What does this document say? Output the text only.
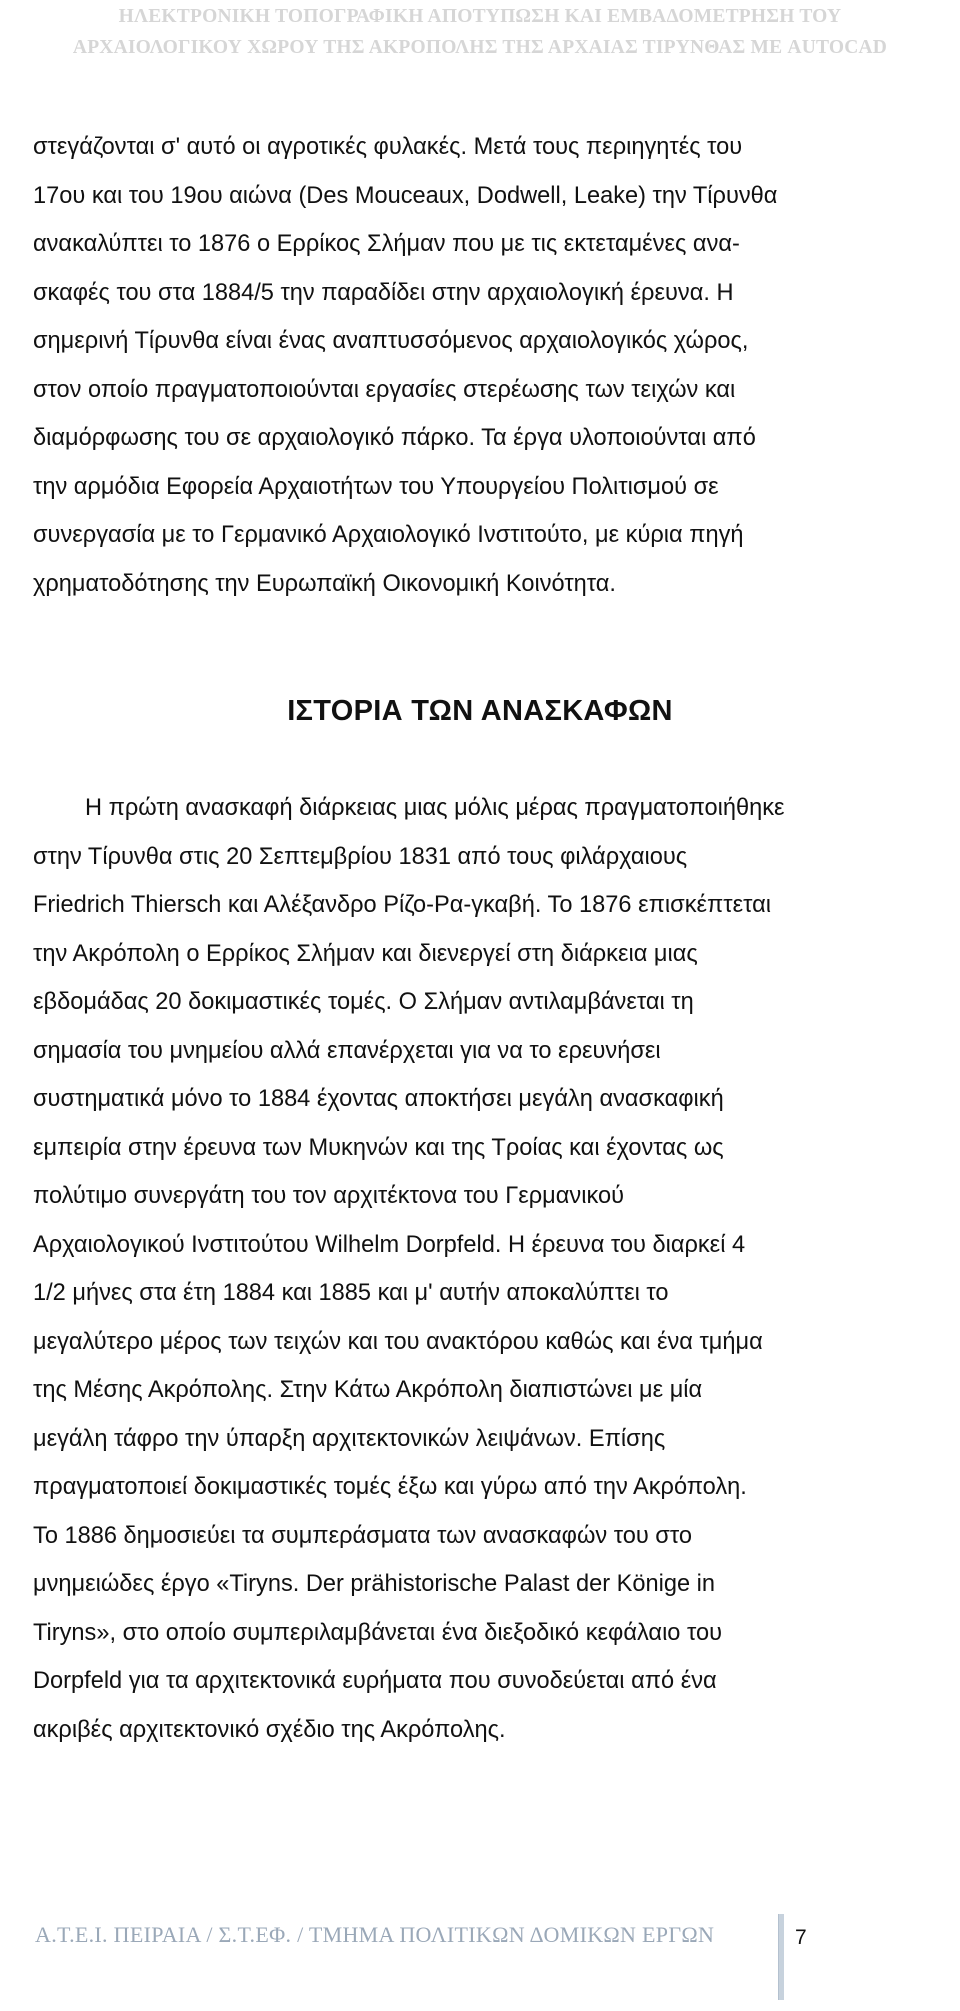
ΗΛΕΚΤΡΟΝΙΚΗ ΤΟΠΟΓΡΑΦΙΚΗ ΑΠΟΤΥΠΩΣΗ ΚΑΙ ΕΜΒΑΔΟΜΕΤΡΗΣΗ ΤΟΥ
ΑΡΧΑΙΟΛΟΓΙΚΟΥ ΧΩΡΟΥ ΤΗΣ ΑΚΡΟΠΟΛΗΣ ΤΗΣ ΑΡΧΑΙΑΣ ΤΙΡΥΝΘΑΣ ΜΕ AUTOCAD
στεγάζονται σ' αυτό οι αγροτικές φυλακές. Μετά τους περιηγητές του
17ου και του 19ου αιώνα (Des Mouceaux, Dodwell, Leake) την Τίρυνθα
ανακαλύπτει το 1876 ο Ερρίκος Σλήμαν που με τις εκτεταμένες ανα-
σκαφές του στα 1884/5 την παραδίδει στην αρχαιολογική έρευνα. Η
σημερινή Τίρυνθα είναι ένας αναπτυσσόμενος αρχαιολογικός χώρος,
στον οποίο πραγματοποιούνται εργασίες στερέωσης των τειχών και
διαμόρφωσης του σε αρχαιολογικό πάρκο. Τα έργα υλοποιούνται από
την αρμόδια Εφορεία Αρχαιοτήτων του Υπουργείου Πολιτισμού σε
συνεργασία με το Γερμανικό Αρχαιολογικό Ινστιτούτο, με κύρια πηγή
χρηματοδότησης την Ευρωπαϊκή Οικονομική Κοινότητα.
ΙΣΤΟΡΙΑ ΤΩΝ ΑΝΑΣΚΑΦΩΝ
Η πρώτη ανασκαφή διάρκειας μιας μόλις μέρας πραγματοποιήθηκε
στην Τίρυνθα στις 20 Σεπτεμβρίου 1831 από τους φιλάρχαιους
Friedrich Thiersch και Αλέξανδρο Ρίζο-Ρα-γκαβή. Το 1876 επισκέπτεται
την Ακρόπολη ο Ερρίκος Σλήμαν και διενεργεί στη διάρκεια μιας
εβδομάδας 20 δοκιμαστικές τομές. Ο Σλήμαν αντιλαμβάνεται τη
σημασία του μνημείου αλλά επανέρχεται για να το ερευνήσει
συστηματικά μόνο το 1884 έχοντας αποκτήσει μεγάλη ανασκαφική
εμπειρία στην έρευνα των Μυκηνών και της Τροίας και έχοντας ως
πολύτιμο συνεργάτη του τον αρχιτέκτονα του Γερμανικού
Αρχαιολογικού Ινστιτούτου Wilhelm Dorpfeld. Η έρευνα του διαρκεί 4
1/2 μήνες στα έτη 1884 και 1885 και μ' αυτήν αποκαλύπτει το
μεγαλύτερο μέρος των τειχών και του ανακτόρου καθώς και ένα τμήμα
της Μέσης Ακρόπολης. Στην Κάτω Ακρόπολη διαπιστώνει με μία
μεγάλη τάφρο την ύπαρξη αρχιτεκτονικών λειψάνων. Επίσης
πραγματοποιεί δοκιμαστικές τομές έξω και γύρω από την Ακρόπολη.
Το 1886 δημοσιεύει τα συμπεράσματα των ανασκαφών του στο
μνημειώδες έργο «Tiryns. Der prähistorische Palast der Könige in
Tiryns», στο οποίο συμπεριλαμβάνεται ένα διεξοδικό κεφάλαιο του
Dorpfeld για τα αρχιτεκτονικά ευρήματα που συνοδεύεται από ένα
ακριβές αρχιτεκτονικό σχέδιο της Ακρόπολης.
Α.Τ.Ε.Ι. ΠΕΙΡΑΙΑ / Σ.Τ.ΕΦ. / ΤΜΗΜΑ ΠΟΛΙΤΙΚΩΝ ΔΟΜΙΚΩΝ ΕΡΓΩΝ	7
